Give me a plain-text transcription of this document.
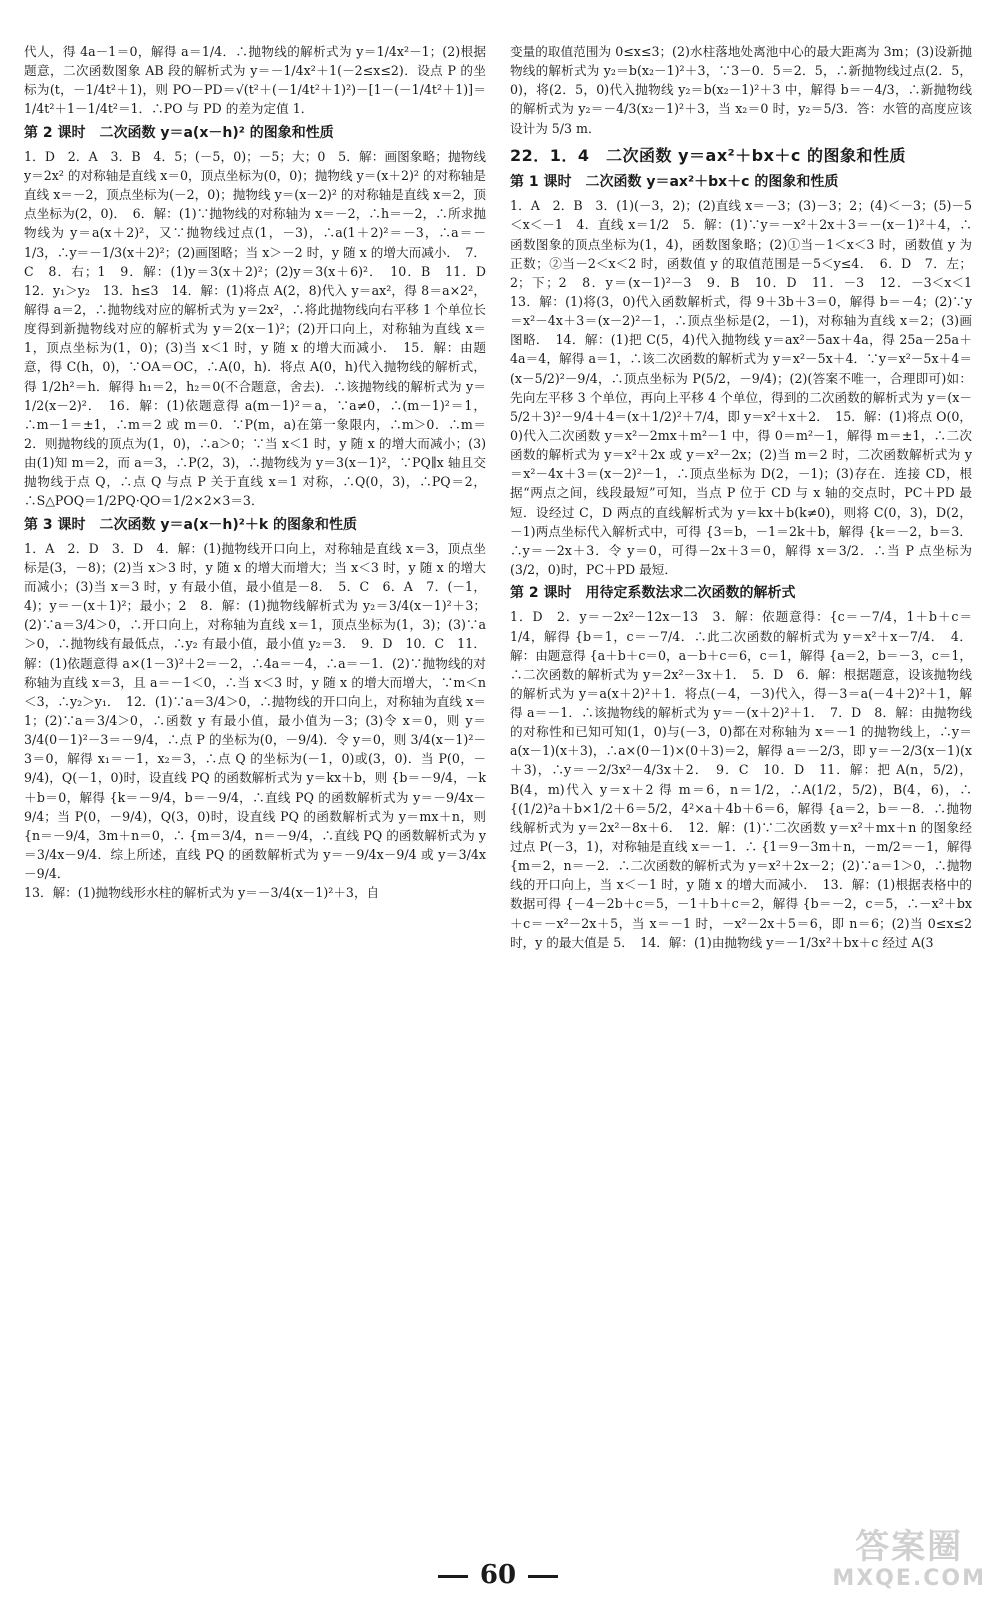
代人，得 4a－1＝0，解得 a＝1/4．∴抛物线的解析式为 y＝1/4x²－1；(2)根据题意，二次函数图象 AB 段的解析式为 y＝－1/4x²＋1(－2≤x≤2)．设点 P 的坐标为(t，－1/4t²＋1)，则 PO－PD＝√(t²＋(－1/4t²＋1)²)－[1－(－1/4t²＋1)]＝1/4t²＋1－1/4t²＝1．∴PO 与 PD 的差为定值 1．

第 2 课时　二次函数 y＝a(x－h)² 的图象和性质

1．D　2．A　3．B　4．5；(－5，0)；－5；大；0　5．解：画图象略；抛物线 y＝2x² 的对称轴是直线 x＝0，顶点坐标为(0，0)；抛物线 y＝(x＋2)² 的对称轴是直线 x＝－2，顶点坐标为(－2，0)；抛物线 y＝(x－2)² 的对称轴是直线 x＝2，顶点坐标为(2，0)．　6．解：(1)∵抛物线的对称轴为 x＝－2，∴h＝－2，∴所求抛物线为 y＝a(x＋2)²，又∵抛物线过点(1，－3)，∴a(1＋2)²＝－3，∴a＝－1/3，∴y＝－1/3(x＋2)²；(2)画图略；当 x＞－2 时，y 随 x 的增大而减小．　7．C　8．右；1　9．解：(1)y＝3(x＋2)²；(2)y＝3(x＋6)²．　10．B　11．D　12．y₁＞y₂　13．h≤3　14．解：(1)将点 A(2，8)代入 y＝ax²，得 8＝a×2²，解得 a＝2，∴抛物线对应的解析式为 y＝2x²，∴将此抛物线向右平移 1 个单位长度得到新抛物线对应的解析式为 y＝2(x－1)²；(2)开口向上，对称轴为直线 x＝1，顶点坐标为(1，0)；(3)当 x＜1 时，y 随 x 的增大而减小．　15．解：由题意，得 C(h，0)，∵OA＝OC，∴A(0，h)．将点 A(0，h)代入抛物线的解析式，得 1/2h²＝h．解得 h₁＝2，h₂＝0(不合题意，舍去)．∴该抛物线的解析式为 y＝1/2(x－2)²．　16．解：(1)依题意得 a(m－1)²＝a，∵a≠0，∴(m－1)²＝1，∴m－1＝±1，∴m＝2 或 m＝0．∵P(m，a)在第一象限内，∴m＞0．∴m＝2．则抛物线的顶点为(1，0)，∴a＞0；∵当 x＜1 时，y 随 x 的增大而减小；(3)由(1)知 m＝2，而 a＝3，∴P(2，3)，∴抛物线为 y＝3(x－1)²，∵PQ∥x 轴且交抛物线于点 Q，∴点 Q 与点 P 关于直线 x＝1 对称，∴Q(0，3)，∴PQ＝2，∴S△POQ＝1/2PQ·QO＝1/2×2×3＝3．

第 3 课时　二次函数 y＝a(x－h)²＋k 的图象和性质

1．A　2．D　3．D　4．解：(1)抛物线开口向上，对称轴是直线 x＝3，顶点坐标是(3，－8)；(2)当 x＞3 时，y 随 x 的增大而增大；当 x＜3 时，y 随 x 的增大而减小；(3)当 x＝3 时，y 有最小值，最小值是－8．　5．C　6．A　7．(－1，4)；y＝－(x＋1)²；最小；2　8．解：(1)抛物线解析式为 y₂＝3/4(x－1)²＋3；(2)∵a＝3/4＞0，∴开口向上，对称轴为直线 x＝1，顶点坐标为(1，3)；(3)∵a＞0，∴抛物线有最低点，∴y₂ 有最小值，最小值 y₂＝3．　9．D　10．C　11．解：(1)依题意得 a×(1－3)²＋2＝－2，∴4a＝－4，∴a＝－1．(2)∵抛物线的对称轴为直线 x＝3，且 a＝－1＜0，∴当 x＜3 时，y 随 x 的增大而增大，∵m＜n＜3，∴y₂＞y₁．　12．(1)∵a＝3/4＞0，∴抛物线的开口向上，对称轴为直线 x＝1；(2)∵a＝3/4＞0，∴函数 y 有最小值，最小值为－3；(3)令 x＝0，则 y＝3/4(0－1)²－3＝－9/4，∴点 P 的坐标为(0，－9/4)．令 y＝0，则 3/4(x－1)²－3＝0，解得 x₁＝－1，x₂＝3，∴点 Q 的坐标为(－1，0)或(3，0)．当 P(0，－9/4)，Q(－1，0)时，设直线 PQ 的函数解析式为 y＝kx＋b，则 {b＝－9/4，－k＋b＝0，解得 {k＝－9/4，b＝－9/4，∴直线 PQ 的函数解析式为 y＝－9/4x－9/4；当 P(0，－9/4)，Q(3，0)时，设直线 PQ 的函数解析式为 y＝mx＋n，则 {n＝－9/4，3m＋n＝0，∴ {m＝3/4，n＝－9/4，∴直线 PQ 的函数解析式为 y＝3/4x－9/4．综上所述，直线 PQ 的函数解析式为 y＝－9/4x－9/4 或 y＝3/4x－9/4．

13．解：(1)抛物线形水柱的解析式为 y＝－3/4(x－1)²＋3，自

变量的取值范围为 0≤x≤3；(2)水柱落地处离池中心的最大距离为 3m；(3)设新抛物线的解析式为 y₂＝b(x₂－1)²＋3，∵3－0．5＝2．5，∴新抛物线过点(2．5，0)，将(2．5，0)代入抛物线 y₂＝b(x₂－1)²＋3 中，解得 b＝－4/3，∴新抛物线的解析式为 y₂＝－4/3(x₂－1)²＋3，当 x₂＝0 时，y₂＝5/3．答：水管的高度应该设计为 5/3 m．

22．1．4　二次函数 y＝ax²＋bx＋c 的图象和性质
第 1 课时　二次函数 y＝ax²＋bx＋c 的图象和性质

1．A　2．B　3．(1)(－3，2)；(2)直线 x＝－3；(3)－3；2；(4)＜－3；(5)－5＜x＜－1　4．直线 x＝1/2　5．解：(1)∵y＝－x²＋2x＋3＝－(x－1)²＋4，∴函数图象的顶点坐标为(1，4)，函数图象略；(2)①当－1＜x＜3 时，函数值 y 为正数；②当－2＜x＜2 时，函数值 y 的取值范围是－5＜y≤4．　6．D　7．左；2；下；2　8．y＝(x－1)²－3　9．B　10．D　11．－3　12．－3＜x＜1　13．解：(1)将(3，0)代入函数解析式，得 9＋3b＋3＝0，解得 b＝－4；(2)∵y＝x²－4x＋3＝(x－2)²－1，∴顶点坐标是(2，－1)，对称轴为直线 x＝2；(3)画图略．　14．解：(1)把 C(5，4)代入抛物线 y＝ax²－5ax＋4a，得 25a－25a＋4a＝4，解得 a＝1，∴该二次函数的解析式为 y＝x²－5x＋4．∵y＝x²－5x＋4＝(x－5/2)²－9/4，∴顶点坐标为 P(5/2，－9/4)；(2)(答案不唯一，合理即可)如：先向左平移 3 个单位，再向上平移 4 个单位，得到的二次函数的解析式为 y＝(x－5/2＋3)²－9/4＋4＝(x＋1/2)²＋7/4，即 y＝x²＋x＋2．　15．解：(1)将点 O(0，0)代入二次函数 y＝x²－2mx＋m²－1 中，得 0＝m²－1，解得 m＝±1，∴二次函数的解析式为 y＝x²＋2x 或 y＝x²－2x；(2)当 m＝2 时，二次函数解析式为 y＝x²－4x＋3＝(x－2)²－1，∴顶点坐标为 D(2，－1)；(3)存在．连接 CD，根据“两点之间，线段最短”可知，当点 P 位于 CD 与 x 轴的交点时，PC＋PD 最短．设经过 C，D 两点的直线解析式为 y＝kx＋b(k≠0)，则将 C(0，3)，D(2，－1)两点坐标代入解析式中，可得 {3＝b，－1＝2k＋b，解得 {k＝－2，b＝3．∴y＝－2x＋3．令 y＝0，可得－2x＋3＝0，解得 x＝3/2．∴当 P 点坐标为(3/2，0)时，PC＋PD 最短．

第 2 课时　用待定系数法求二次函数的解析式

1．D　2．y＝－2x²－12x－13　3．解：依题意得：{c＝－7/4，1＋b＋c＝1/4，解得 {b＝1，c＝－7/4．∴此二次函数的解析式为 y＝x²＋x－7/4．　4．解：由题意得 {a＋b＋c＝0，a－b＋c＝6，c＝1，解得 {a＝2，b＝－3，c＝1，∴二次函数的解析式为 y＝2x²－3x＋1．　5．D　6．解：根据题意，设该抛物线的解析式为 y＝a(x＋2)²＋1．将点(－4，－3)代入，得－3＝a(－4＋2)²＋1，解得 a＝－1．∴该抛物线的解析式为 y＝－(x＋2)²＋1．　7．D　8．解：由抛物线的对称性和已知可知(1，0)与(－3，0)都在对称轴为 x＝－1 的抛物线上，∴y＝a(x－1)(x＋3)，∴a×(0－1)×(0＋3)＝2，解得 a＝－2/3，即 y＝－2/3(x－1)(x＋3)，∴y＝－2/3x²－4/3x＋2．　9．C　10．D　11．解：把 A(n，5/2)，B(4，m)代入 y＝x＋2 得 m＝6，n＝1/2，∴A(1/2，5/2)，B(4，6)，∴ {(1/2)²a＋b×1/2＋6＝5/2，4²×a＋4b＋6＝6，解得 {a＝2，b＝－8．∴抛物线解析式为 y＝2x²－8x＋6．　12．解：(1)∵二次函数 y＝x²＋mx＋n 的图象经过点 P(－3，1)，对称轴是直线 x＝－1．∴ {1＝9－3m＋n，－m/2＝－1，解得 {m＝2，n＝－2．∴二次函数的解析式为 y＝x²＋2x－2；(2)∵a＝1＞0，∴抛物线的开口向上，当 x＜－1 时，y 随 x 的增大而减小．　13．解：(1)根据表格中的数据可得 {－4－2b＋c＝5，－1＋b＋c＝2，解得 {b＝－2，c＝5，∴－x²＋bx＋c＝－x²－2x＋5，当 x＝－1 时，－x²－2x＋5＝6，即 n＝6；(2)当 0≤x≤2 时，y 的最大值是 5．　14．解：(1)由抛物线 y＝－1/3x²＋bx＋c 经过 A(3

60
答案圈
MXQE.COM
